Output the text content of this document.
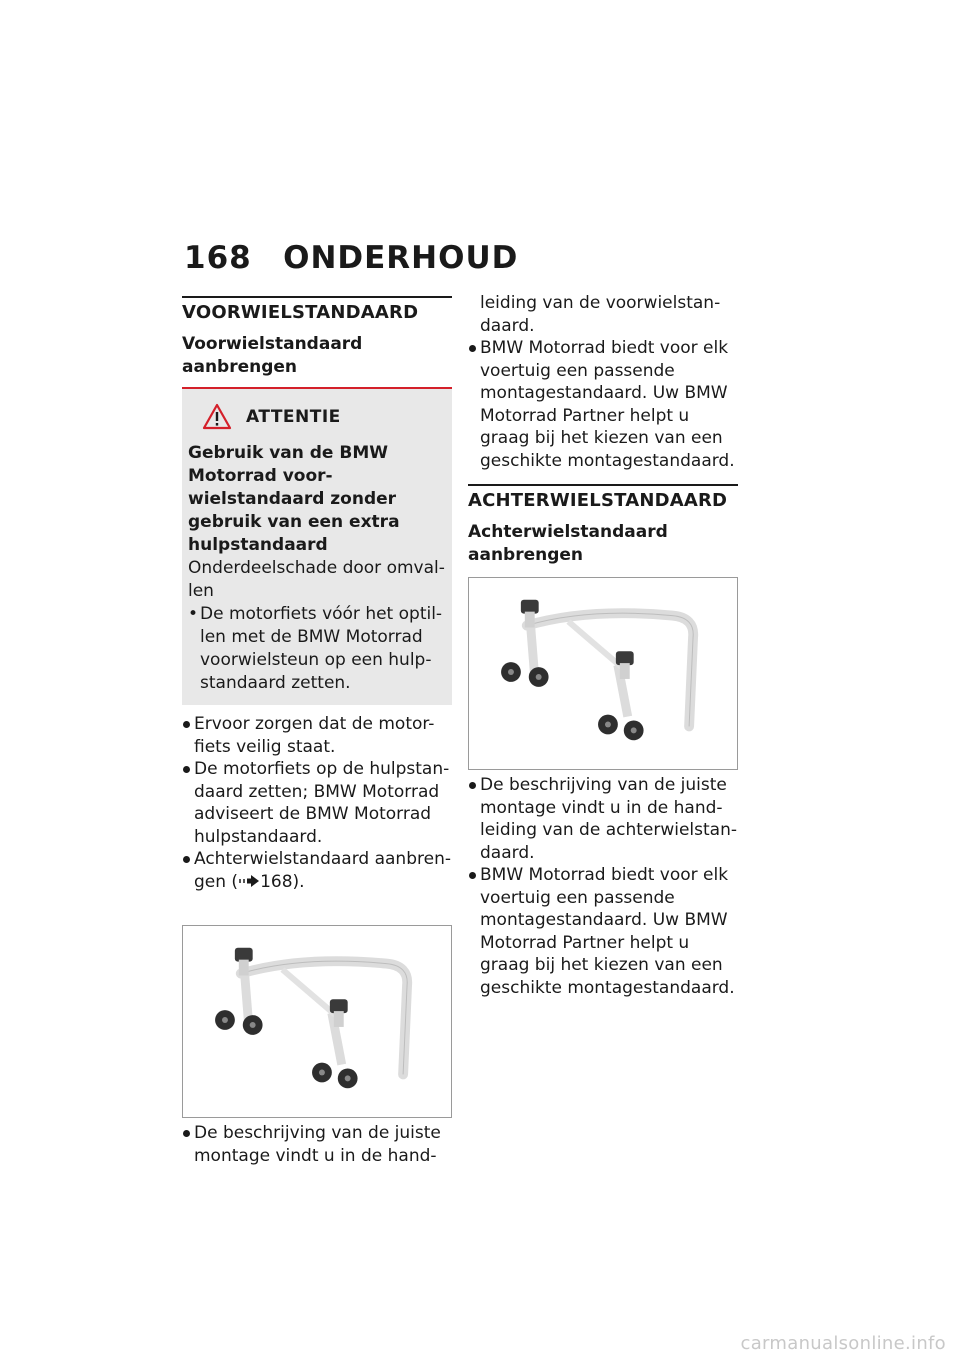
168 ONDERHOUD
VOORWIELSTANDAARD
Voorwielstandaard aanbrengen
ATTENTIE

Gebruik van de BMW Motorrad voor-wielstandaard zonder gebruik van een extra hulpstandaard

Onderdeelschade door omval-len

• De motorfiets vóór het optil-len met de BMW Motorrad voorwielsteun op een hulp-standaard zetten.
Ervoor zorgen dat de motor-fiets veilig staat.
De motorfiets op de hulpstan-daard zetten; BMW Motorrad adviseert de BMW Motorrad hulpstandaard.
Achterwielstandaard aanbren-gen ( 168).
De beschrijving van de juiste montage vindt u in de hand-
leiding van de voorwielstan-daard.
BMW Motorrad biedt voor elk voertuig een passende montagestandaard. Uw BMW Motorrad Partner helpt u graag bij het kiezen van een geschikte montagestandaard.
ACHTERWIELSTANDAARD
Achterwielstandaard aanbrengen
De beschrijving van de juiste montage vindt u in de hand-leiding van de achterwielstan-daard.
BMW Motorrad biedt voor elk voertuig een passende montagestandaard. Uw BMW Motorrad Partner helpt u graag bij het kiezen van een geschikte montagestandaard.
carmanualsonline.info
